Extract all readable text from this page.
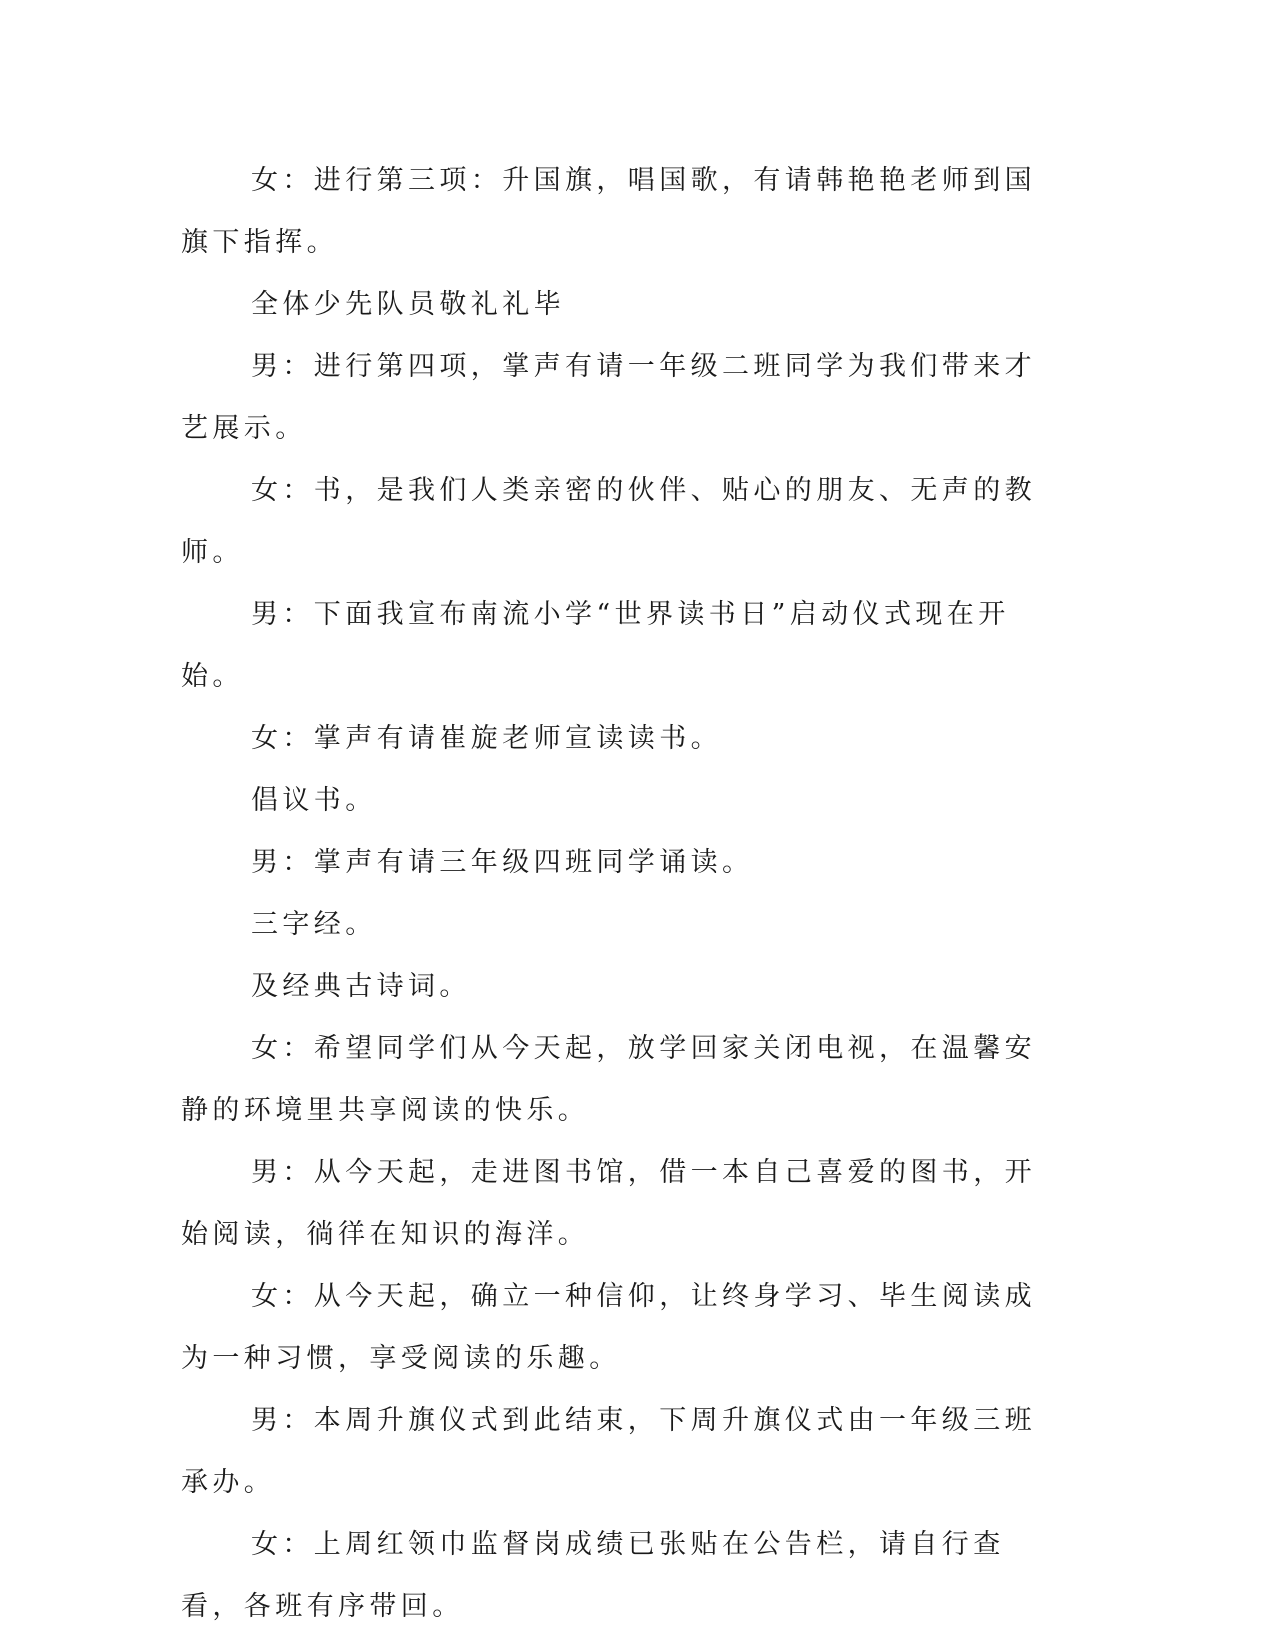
女：进行第三项：升国旗，唱国歌，有请韩艳艳老师到国旗下指挥。

全体少先队员敬礼礼毕

男：进行第四项，掌声有请一年级二班同学为我们带来才艺展示。

女：书，是我们人类亲密的伙伴、贴心的朋友、无声的教师。

男：下面我宣布南流小学“世界读书日”启动仪式现在开始。

女：掌声有请崔旋老师宣读读书。

倡议书。

男：掌声有请三年级四班同学诵读。

三字经。

及经典古诗词。

女：希望同学们从今天起，放学回家关闭电视，在温馨安静的环境里共享阅读的快乐。

男：从今天起，走进图书馆，借一本自己喜爱的图书，开始阅读，徜徉在知识的海洋。

女：从今天起，确立一种信仰，让终身学习、毕生阅读成为一种习惯，享受阅读的乐趣。

男：本周升旗仪式到此结束，下周升旗仪式由一年级三班承办。

女：上周红领巾监督岗成绩已张贴在公告栏，请自行查看，各班有序带回。
